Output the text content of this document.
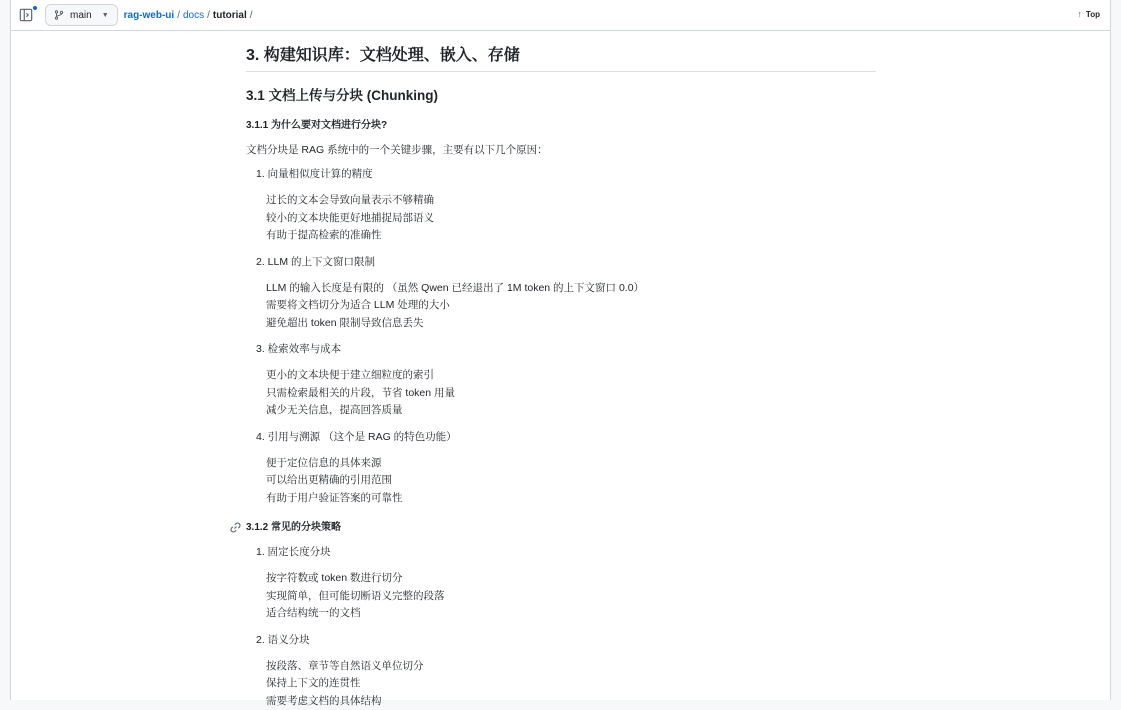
main ▼ rag-web-ui / docs / tutorial /	↑ Top
3. 构建知识库：文档处理、嵌入、存储
3.1 文档上传与分块 (Chunking)
3.1.1 为什么要对文档进行分块?

文档分块是 RAG 系统中的一个关键步骤，主要有以下几个原因：

1. 向量相似度计算的精度
过长的文本会导致向量表示不够精确
较小的文本块能更好地捕捉局部语义
有助于提高检索的准确性
2. LLM 的上下文窗口限制
LLM 的输入长度是有限的 （虽然 Qwen 已经退出了 1M token 的上下文窗口 0.0）
需要将文档切分为适合 LLM 处理的大小
避免超出 token 限制导致信息丢失
3. 检索效率与成本
更小的文本块便于建立细粒度的索引
只需检索最相关的片段，节省 token 用量
减少无关信息，提高回答质量
4. 引用与溯源 （这个是 RAG 的特色功能）
便于定位信息的具体来源
可以给出更精确的引用范围
有助于用户验证答案的可靠性
3.1.2 常见的分块策略
1. 固定长度分块
按字符数或 token 数进行切分
实现简单，但可能切断语义完整的段落
适合结构统一的文档
2. 语义分块
按段落、章节等自然语义单位切分
保持上下文的连贯性
需要考虑文档的具体结构
